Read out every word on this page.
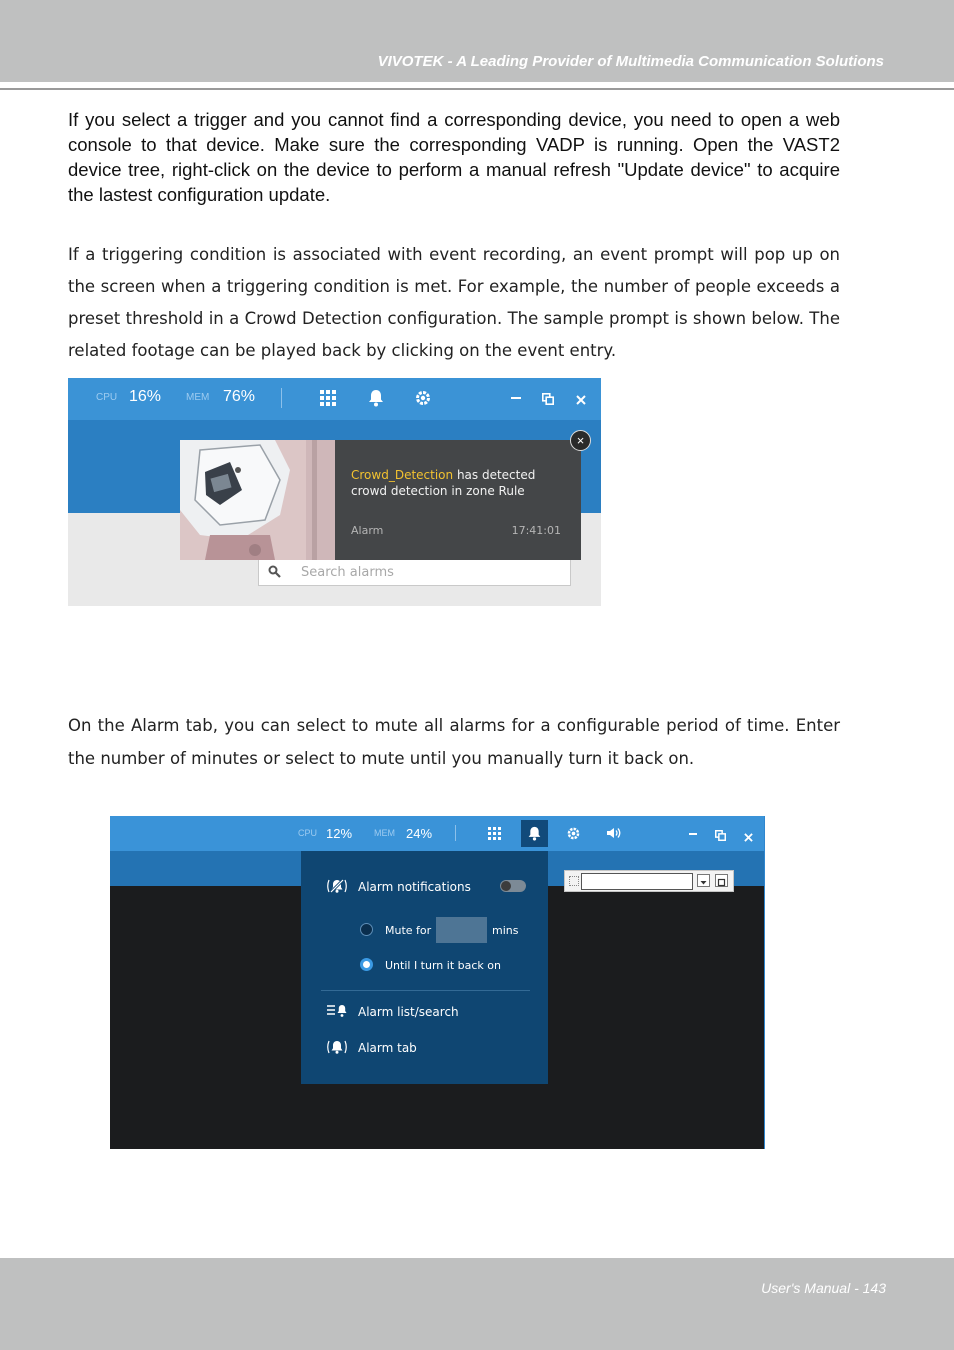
VIVOTEK - A Leading Provider of Multimedia Communication Solutions
If you select a trigger and you cannot find a corresponding device, you need to open a web console to that device. Make sure the corresponding VADP is running. Open the VAST2 device tree, right-click on the device to perform a manual refresh "Update device" to acquire the lastest configuration update.
If a triggering condition is associated with event recording, an event prompt will pop up on the screen when a triggering condition is met. For example, the number of people exceeds a preset threshold in a Crowd Detection configuration. The sample prompt is shown below. The related footage can be played back by clicking on the event entry.
CPU 16% MEM 76%
Search alarms
Crowd_Detection has detected crowd detection in zone Rule
Alarm	17:41:01
×
On the Alarm tab, you can select to mute all alarms for a configurable period of time. Enter the number of minutes or select to mute until you manually turn it back on.
CPU 12% MEM 24%
Alarm notifications
Mute for	mins
Until I turn it back on
Alarm list/search
Alarm tab
User's Manual - 143
